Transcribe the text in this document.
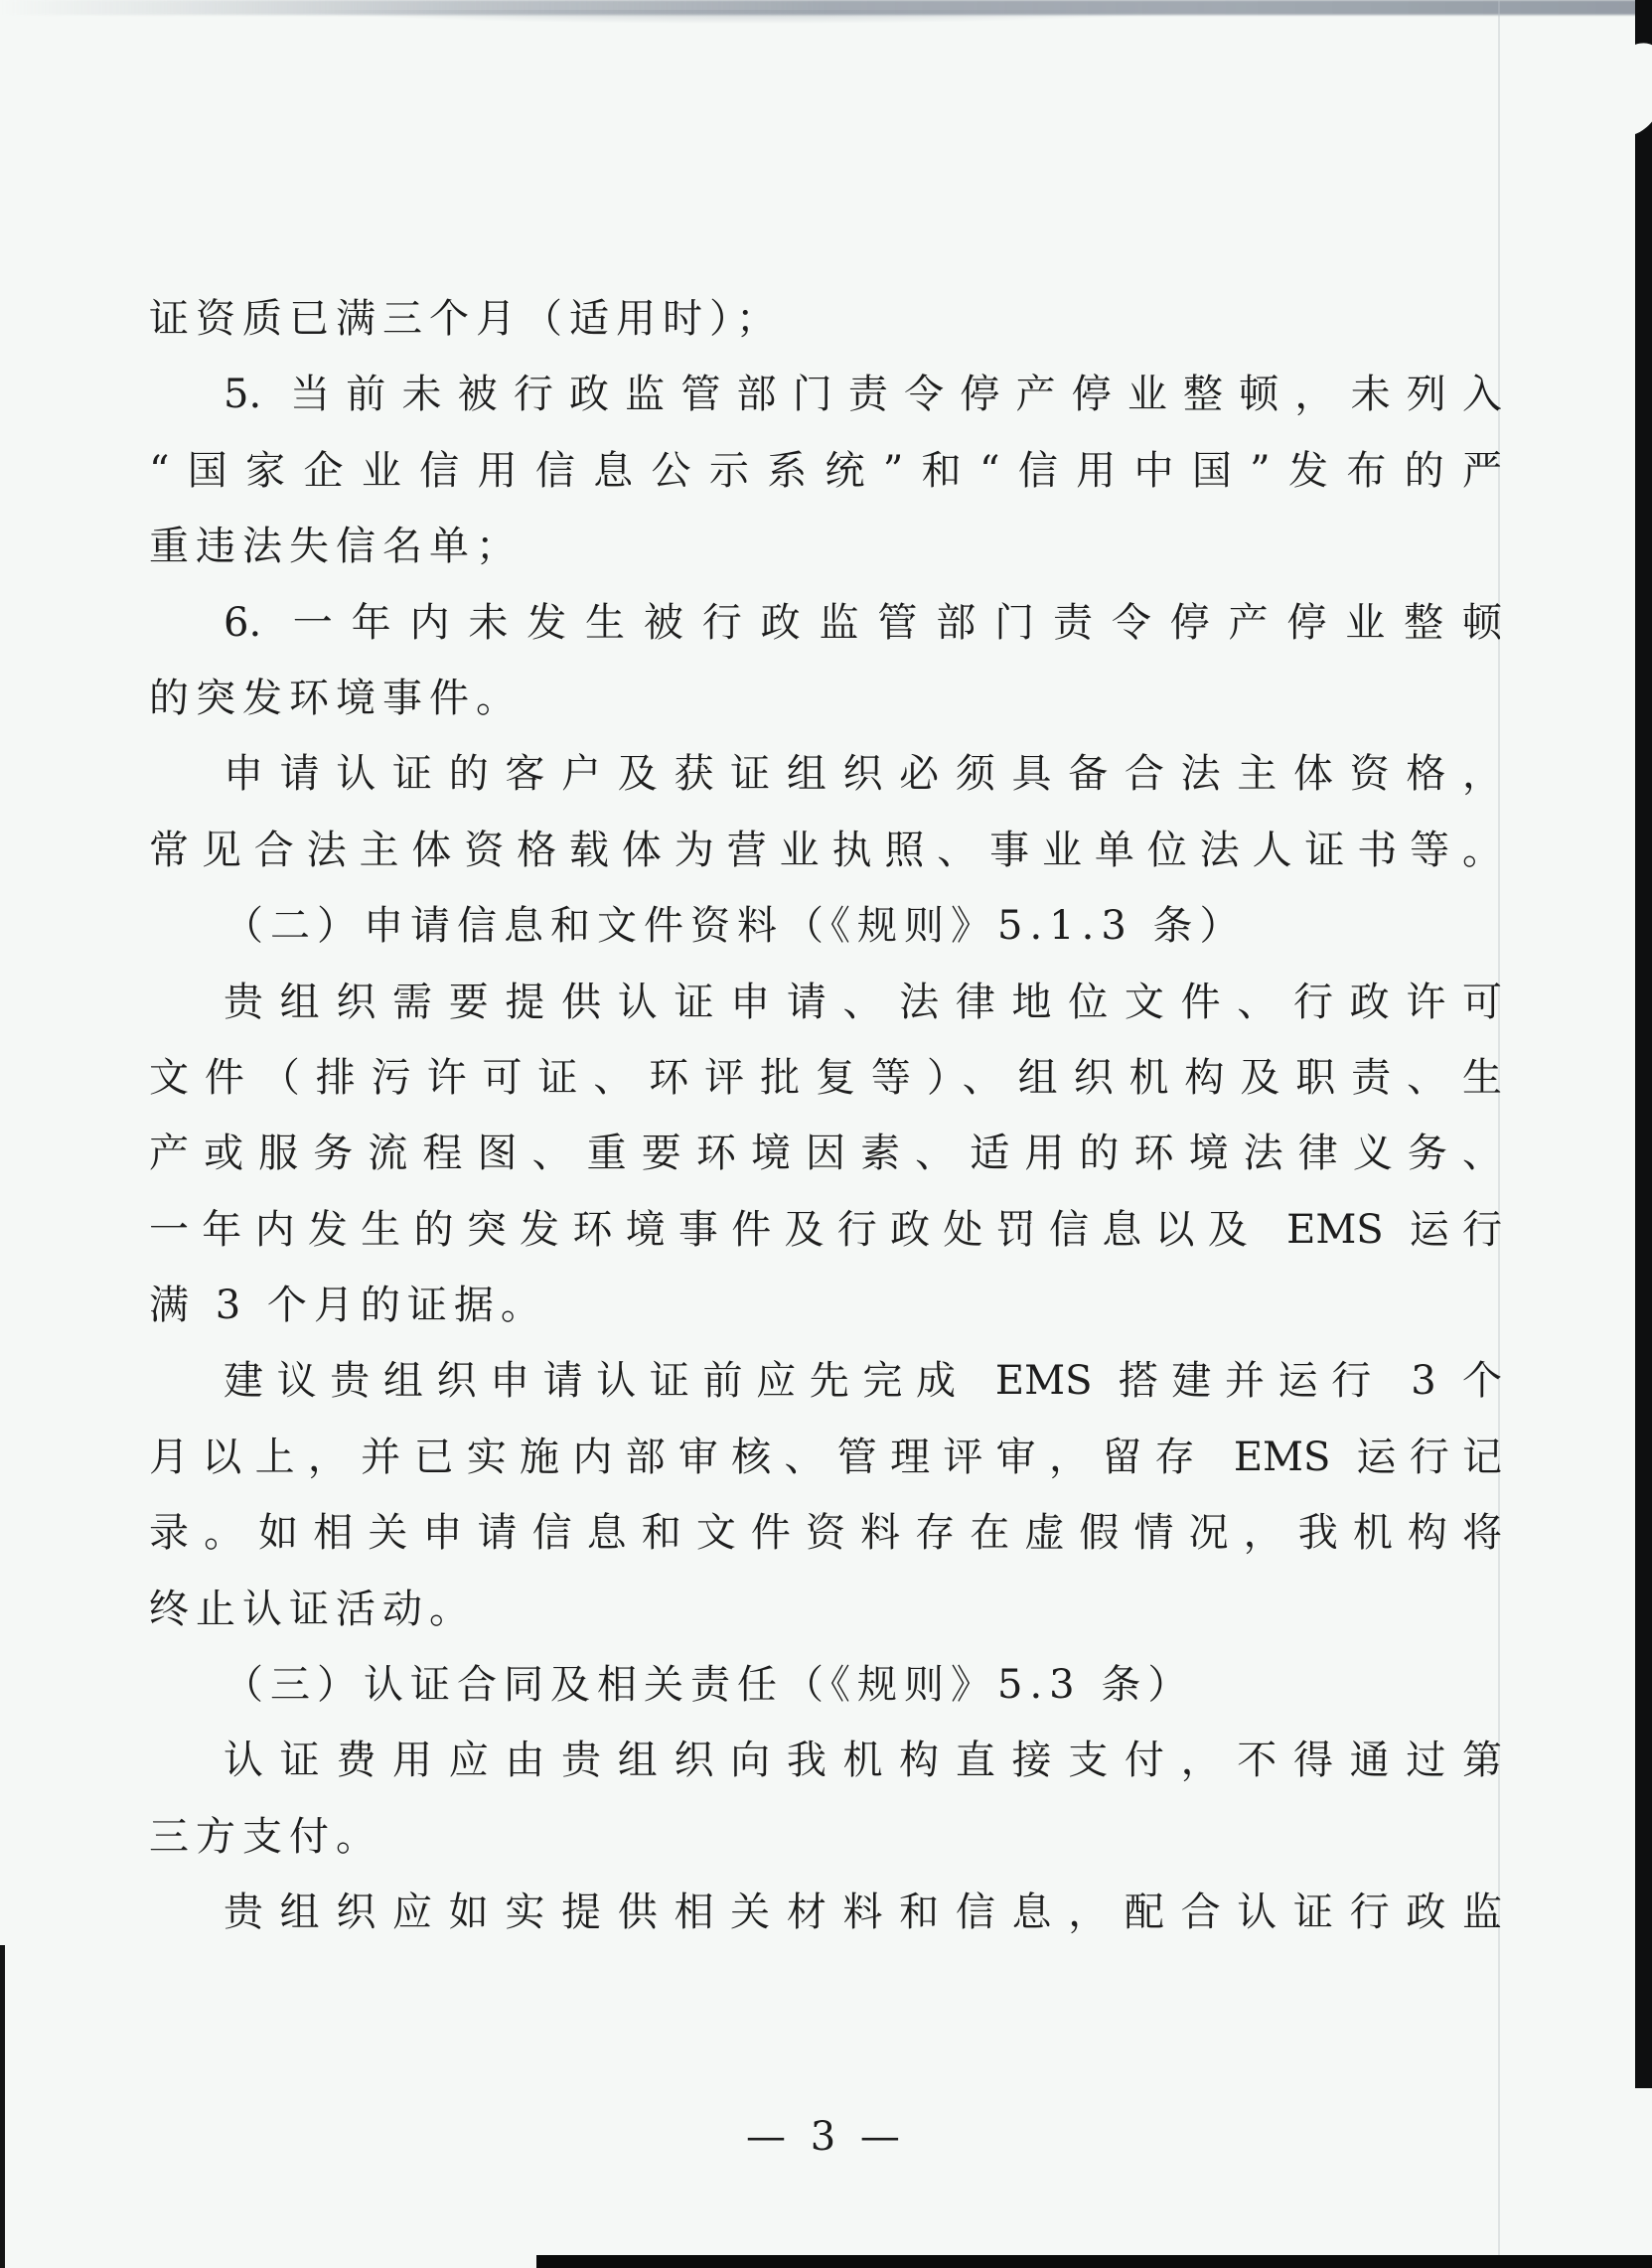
证资质已满三个月（适用时）；
5. 当前未被行政监管部门责令停产停业整顿，未列入
“国家企业信用信息公示系统”和“信用中国”发布的严
重违法失信名单；
6. 一年内未发生被行政监管部门责令停产停业整顿
的突发环境事件。
申请认证的客户及获证组织必须具备合法主体资格，
常见合法主体资格载体为营业执照、事业单位法人证书等。
（二）申请信息和文件资料（《规则》5.1.3 条）
贵组织需要提供认证申请、法律地位文件、行政许可
文件（排污许可证、环评批复等）、组织机构及职责、生
产或服务流程图、重要环境因素、适用的环境法律义务、
一年内发生的突发环境事件及行政处罚信息以及 EMS 运行
满 3 个月的证据。
建议贵组织申请认证前应先完成 EMS 搭建并运行 3 个
月以上，并已实施内部审核、管理评审，留存 EMS 运行记
录。如相关申请信息和文件资料存在虚假情况，我机构将
终止认证活动。
（三）认证合同及相关责任（《规则》5.3 条）
认证费用应由贵组织向我机构直接支付，不得通过第
三方支付。
贵组织应如实提供相关材料和信息，配合认证行政监
— 3 —
